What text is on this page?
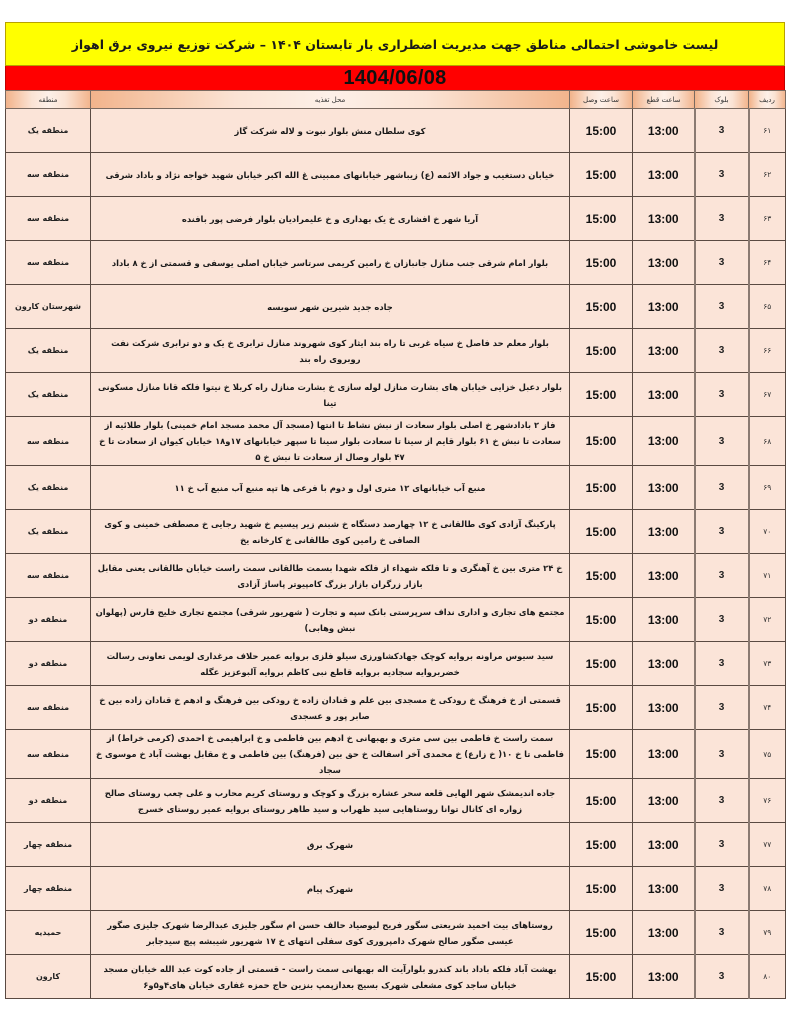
لیست خاموشی احتمالی مناطق جهت مدیریت اضطراری بار تابستان ۱۴۰۴ – شرکت توزیع نیروی برق اهواز
1404/06/08
منطقه	محل تغذیه	ساعت وصل	ساعت قطع	بلوک	ردیف
منطقه یک	کوی سلطان منش بلوار نبوت و لاله شرکت گاز	15:00	13:00	3	۶۱
منطقه سه	خیابان دستغیب و جواد الائمه (ع) زیباشهر خیابانهای ممبینی غ الله اکبر خیابان شهید خواجه نژاد و باداد شرقی	15:00	13:00	3	۶۲
منطقه سه	آریا شهر خ افشاری خ یک بهداری و خ علیمرادیان بلوار فرضی پور بافنده	15:00	13:00	3	۶۳
منطقه سه	بلوار امام شرقی جنب منازل جانبازان خ رامین کریمی سرتاسر خیابان اصلی یوسفی و قسمتی از خ ۸ باداد	15:00	13:00	3	۶۴
شهرستان کارون	جاده جدید شیرین شهر سویسه	15:00	13:00	3	۶۵
منطقه یک	بلوار معلم حد فاصل خ سیاه غربی تا راه بند ایثار کوی شهروند منازل ترابری خ یک و دو ترابری شرکت نفت روبروی راه بند	15:00	13:00	3	۶۶
منطقه یک	بلوار دعبل خزایی خیابان های بشارت منازل لوله سازی خ بشارت منازل راه کربلا خ نیتوا فلکه قانا منازل مسکونی تینا	15:00	13:00	3	۶۷
منطقه سه	فاز ۲ بادادشهر خ اصلی بلوار سعادت از نبش نشاط تا انتها (مسجد آل محمد مسجد امام خمینی) بلوار طلائیه از سعادت تا نبش خ ۶۱ بلوار قایم از سینا تا سعادت بلوار سینا تا سپهر خیابانهای ۱۷و۱۸ خیابان کیوان از سعادت تا خ ۴۷ بلوار وصال از سعادت تا نبش خ ۵	15:00	13:00	3	۶۸
منطقه یک	منبع آب خیابانهای ۱۲ متری اول و دوم با فرعی ها تپه منبع آب منبع آب خ ۱۱	15:00	13:00	3	۶۹
منطقه یک	پارکینگ آزادی کوی طالقانی خ ۱۲ چهارصد دستگاه خ شبنم زیر پیسیم خ شهید رجایی خ مصطفی خمینی و کوی الصافی خ رامین کوی طالقانی خ کارخانه یخ	15:00	13:00	3	۷۰
منطقه سه	خ ۲۴ متری بین خ آهنگری و تا فلکه شهداء از فلکه شهدا بسمت طالقانی سمت راست خیابان طالقانی یعنی مقابل بازار زرگران بازار بزرگ کامپیوتر پاساژ آزادی	15:00	13:00	3	۷۱
منطقه دو	مجتمع های تجاری و اداری نداف سرپرستی بانک سپه و تجارت ( شهریور شرقی) مجتمع تجاری خلیج فارس (پهلوان نبش وهابی)	15:00	13:00	3	۷۲
منطقه دو	سید سیوس مراونه بروایه کوچک جهادکشاورزی سیلو فلزی بروایه عمیر حلاف مرغداری لویمی تعاونی رسالت خضربروایه سجادیه بروایه قاطع نبی کاظم بروایه آلبوعزیز عگله	15:00	13:00	3	۷۳
منطقه سه	قسمتی از خ فرهنگ خ رودکی خ مسجدی بین علم و قنادان زاده خ رودکی بین فرهنگ و ادهم خ قنادان زاده بین خ صابر پور و عسجدی	15:00	13:00	3	۷۴
منطقه سه	سمت راست خ فاطمی بین سی متری و بهبهانی خ ادهم بین فاطمی و خ ابراهیمی خ احمدی (کرمی خراط) از فاطمی تا خ ۱۰( خ زارع) خ محمدی آخر اسفالت خ حق بین (فرهنگ) بین فاطمی و خ مقابل بهشت آباد خ موسوی خ سجاد	15:00	13:00	3	۷۵
منطقه دو	جاده اندیمشک شهر الهایی قلعه سحر عشاره بزرگ و کوچک و روستای کریم محارب و علی چعب روستای صالح زواره ای کانال توانا روستاهایی سید ظهراب و سید طاهر روستای بروایه عمیر روستای خسرج	15:00	13:00	3	۷۶
منطقه چهار	شهرک برق	15:00	13:00	3	۷۷
منطقه چهار	شهرک پیام	15:00	13:00	3	۷۸
حمیدیه	روستاهای بیت احمید شریعتی سگور فریح لیوصیاد حالف حسن ام سگور جلیزی عبدالرضا شهرک جلیزی صگور عیسی صگور صالح شهرک دامپروری کوی سفلی انتهای خ ۱۷ شهریور شیبشه پیچ سیدجابر	15:00	13:00	3	۷۹
کارون	بهشت آباد فلکه باداد باند کندرو بلوارآیت اله بهبهانی سمت راست - قسمتی از جاده کوت عبد الله خیابان مسجد خیابان ساجد کوی مشعلی شهرک بسیج بعدازپمپ بنزین حاج حمزه غفاری خیابان های۴و۵و۶	15:00	13:00	3	۸۰
